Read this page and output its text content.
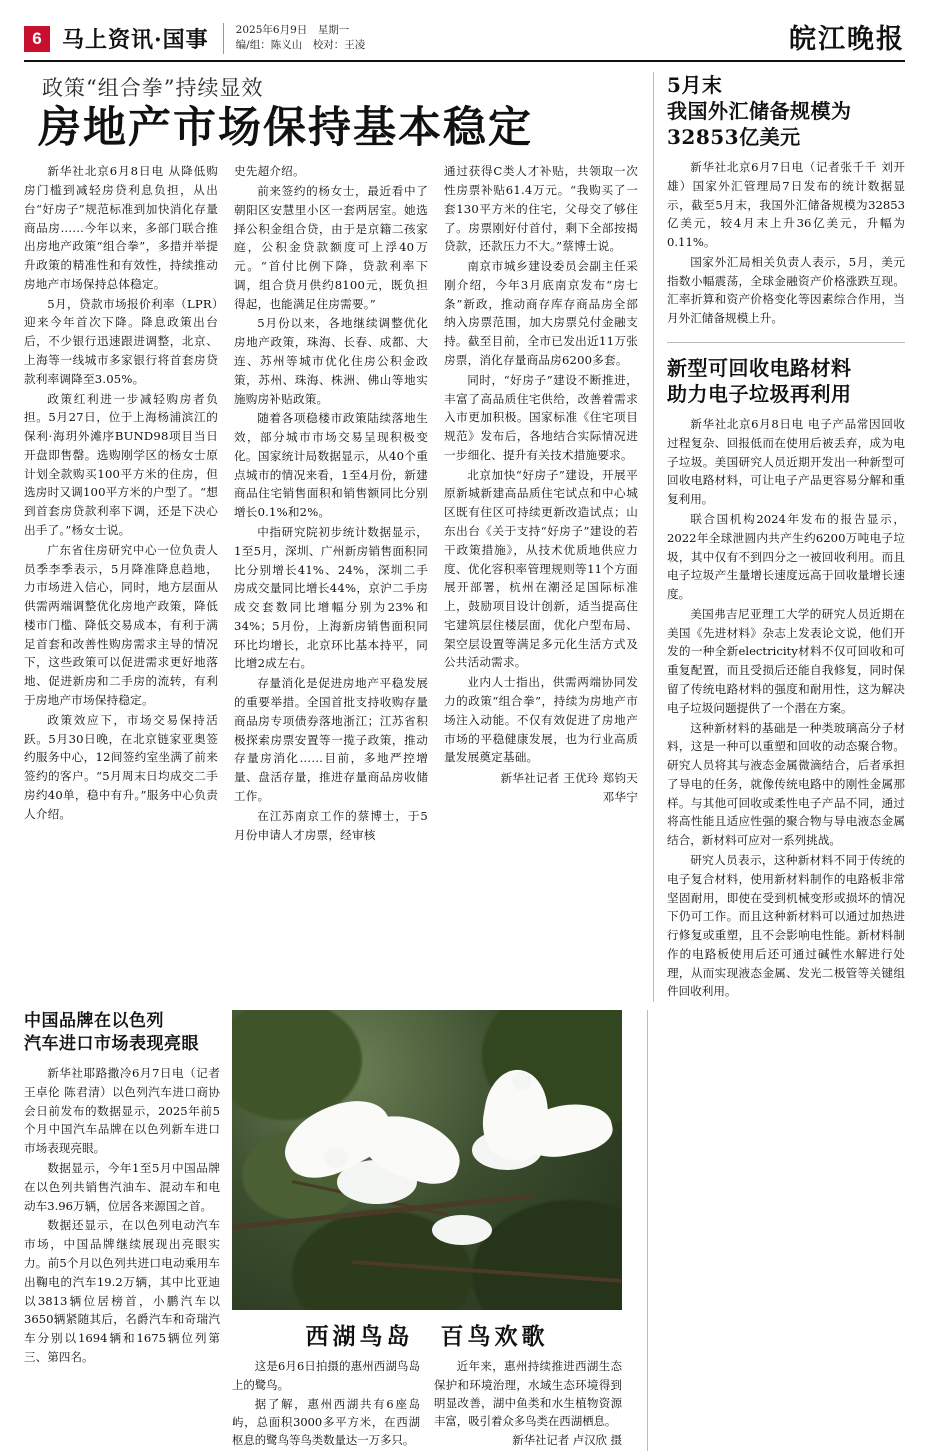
6 马上资讯·国事	2025年6月9日　星期一
编/组：陈义山　校对：王凌	皖江晚报
政策“组合拳”持续显效
房地产市场保持基本稳定

新华社北京6月8日电 从降低购房门槛到减轻房贷利息负担，从出台“好房子”规范标准到加快消化存量商品房……今年以来，多部门联合推出房地产政策“组合拳”，多措并举提升政策的精准性和有效性，持续推动房地产市场保持总体稳定。

5月，贷款市场报价利率（LPR）迎来今年首次下降。降息政策出台后，不少银行迅速跟进调整，北京、上海等一线城市多家银行将首套房贷款利率调降至3.05%。

政策红利进一步减轻购房者负担。5月27日，位于上海杨浦滨江的保利·海玥外滩序BUND98项目当日开盘即售罄。选购刚学区的杨女士原计划全款购买100平方米的住房，但选房时又调100平方米的户型了。“想到首套房贷款利率下调，还是下决心出手了。”杨女士说。

广东省住房研究中心一位负责人员季李季表示，5月降准降息趋地，力市场进入信心，同时，地方层面从供需两端调整优化房地产政策，降低楼市门槛、降低交易成本，有利于满足首套和改善性购房需求主导的情况下，这些政策可以促进需求更好地落地、促进新房和二手房的流转，有利于房地产市场保持稳定。

政策效应下，市场交易保持活跃。5月30日晚，在北京链家亚奥签约服务中心，12间签约室坐满了前来签约的客户。“5月周末日均成交二手房约40单，稳中有升。”服务中心负责人介绍。

史先超介绍。

前来签约的杨女士，最近看中了朝阳区安慧里小区一套两居室。她选择公积金组合贷，由于是京籍二孩家庭，公积金贷款额度可上浮40万元。“首付比例下降，贷款利率下调，组合贷月供约8100元，既负担得起，也能满足住房需要。”

5月份以来，各地继续调整优化房地产政策，珠海、长春、成都、大连、苏州等城市优化住房公积金政策，苏州、珠海、株洲、佛山等地实施购房补贴政策。

随着各项稳楼市政策陆续落地生效，部分城市市场交易呈现积极变化。国家统计局数据显示，从40个重点城市的情况来看，1至4月份，新建商品住宅销售面积和销售额同比分别增长0.1%和2%。

中指研究院初步统计数据显示，1至5月，深圳、广州新房销售面积同比分别增长41%、24%，深圳二手房成交量同比增长44%，京沪二手房成交套数同比增幅分别为23%和34%；5月份，上海新房销售面积同环比均增长，北京环比基本持平，同比增2成左右。

存量消化是促进房地产平稳发展的重要举措。全国首批支持收购存量商品房专项债券落地浙江；江苏省积极探索房票安置等一揽子政策，推动存量房消化……目前，多地严控增量、盘活存量，推进存量商品房收储工作。

在江苏南京工作的蔡博士，于5月份申请人才房票，经审核

通过获得C类人才补贴，共领取一次性房票补贴61.4万元。“我购买了一套130平方米的住宅，父母交了够住了。房票刚好付首付，剩下全部按揭贷款，还款压力不大。”蔡博士说。

南京市城乡建设委员会副主任采刚介绍，今年3月底南京发布“房七条”新政，推动商存库存商品房全部纳入房票范围，加大房票兑付金融支持。截至目前，全市已发出近11万张房票，消化存量商品房6200多套。

同时，“好房子”建设不断推进，丰富了高品质住宅供给，改善着需求入市更加积极。国家标准《住宅项目规范》发布后，各地结合实际情况进一步细化、提升有关技术措施要求。

北京加快“好房子”建设，开展平原新城新建高品质住宅试点和中心城区既有住区可持续更新改造试点；山东出台《关于支持“好房子”建设的若干政策措施》，从技术优质地供应力度、优化容积率管理规则等11个方面展开部署，杭州在潮泾足国际标准上，鼓励项目设计创新，适当提高住宅建筑层住楼层面，优化户型布局、架空层设置等满足多元化生活方式及公共活动需求。

业内人士指出，供需两端协同发力的政策“组合拳”，持续为房地产市场注入动能。不仅有效促进了房地产市场的平稳健康发展，也为行业高质量发展奠定基础。

新华社记者 王优玲 郑钧天
邓华宁
5月末
我国外汇储备规模为
32853亿美元

新华社北京6月7日电（记者张千千 刘开雄）国家外汇管理局7日发布的统计数据显示，截至5月末，我国外汇储备规模为32853亿美元，较4月末上升36亿美元，升幅为0.11%。

国家外汇局相关负责人表示，5月，美元指数小幅震荡，全球金融资产价格涨跌互现。汇率折算和资产价格变化等因素综合作用，当月外汇储备规模上升。

新型可回收电路材料
助力电子垃圾再利用

新华社北京6月8日电 电子产品常因回收过程复杂、回报低而在使用后被丢弃，成为电子垃圾。美国研究人员近期开发出一种新型可回收电路材料，可让电子产品更容易分解和重复利用。

联合国机构2024年发布的报告显示，2022年全球泄圆内共产生约6200万吨电子垃圾，其中仅有不到四分之一被回收利用。而且电子垃圾产生量增长速度远高于回收量增长速度。

美国弗吉尼亚理工大学的研究人员近期在美国《先进材料》杂志上发表论文说，他们开发的一种全新electricity材料不仅可回收和可重复配置，而且受损后还能自我修复，同时保留了传统电路材料的强度和耐用性，这为解决电子垃圾问题提供了一个潜在方案。

这种新材料的基础是一种类玻璃高分子材料，这是一种可以重塑和回收的动态聚合物。研究人员将其与液态金属微滴结合，后者承担了导电的任务，就像传统电路中的刚性金属那样。与其他可回收或柔性电子产品不同，通过将高性能且适应性强的聚合物与导电液态金属结合，新材料可应对一系列挑战。

研究人员表示，这种新材料不同于传统的电子复合材料，使用新材料制作的电路板非常坚固耐用，即使在受到机械变形或损坏的情况下仍可工作。而且这种新材料可以通过加热进行修复或重塑，且不会影响电性能。新材料制作的电路板使用后还可通过碱性水解进行处理，从而实现液态金属、发光二极管等关键组件回收利用。

中国品牌在以色列
汽车进口市场表现亮眼

新华社耶路撒冷6月7日电（记者 王卓伦 陈君清）以色列汽车进口商协会日前发布的数据显示，2025年前5个月中国汽车品牌在以色列新车进口市场表现亮眼。

数据显示，今年1至5月中国品牌在以色列共销售汽油车、混动车和电动车3.96万辆，位居各来源国之首。

数据还显示，在以色列电动汽车市场，中国品牌继续展现出亮眼实力。前5个月以色列共进口电动乘用车出鞠电的汽车19.2万辆，其中比亚迪以3813辆位居榜首，小鹏汽车以3650辆紧随其后，名爵汽车和奇瑞汽车分别以1694辆和1675辆位列第三、第四名。

西湖鸟岛　百鸟欢歌

这是6月6日拍摄的惠州西湖鸟岛上的鹭鸟。

据了解，惠州西湖共有6座岛屿，总面积3000多平方米，在西湖枢息的鹭鸟等鸟类数量达一万多只。

近年来，惠州持续推进西湖生态保护和环境治理，水域生态环境得到明显改善，湖中鱼类和水生植物资源丰富，吸引着众多鸟类在西湖栖息。

新华社记者 卢汉欣 摄
